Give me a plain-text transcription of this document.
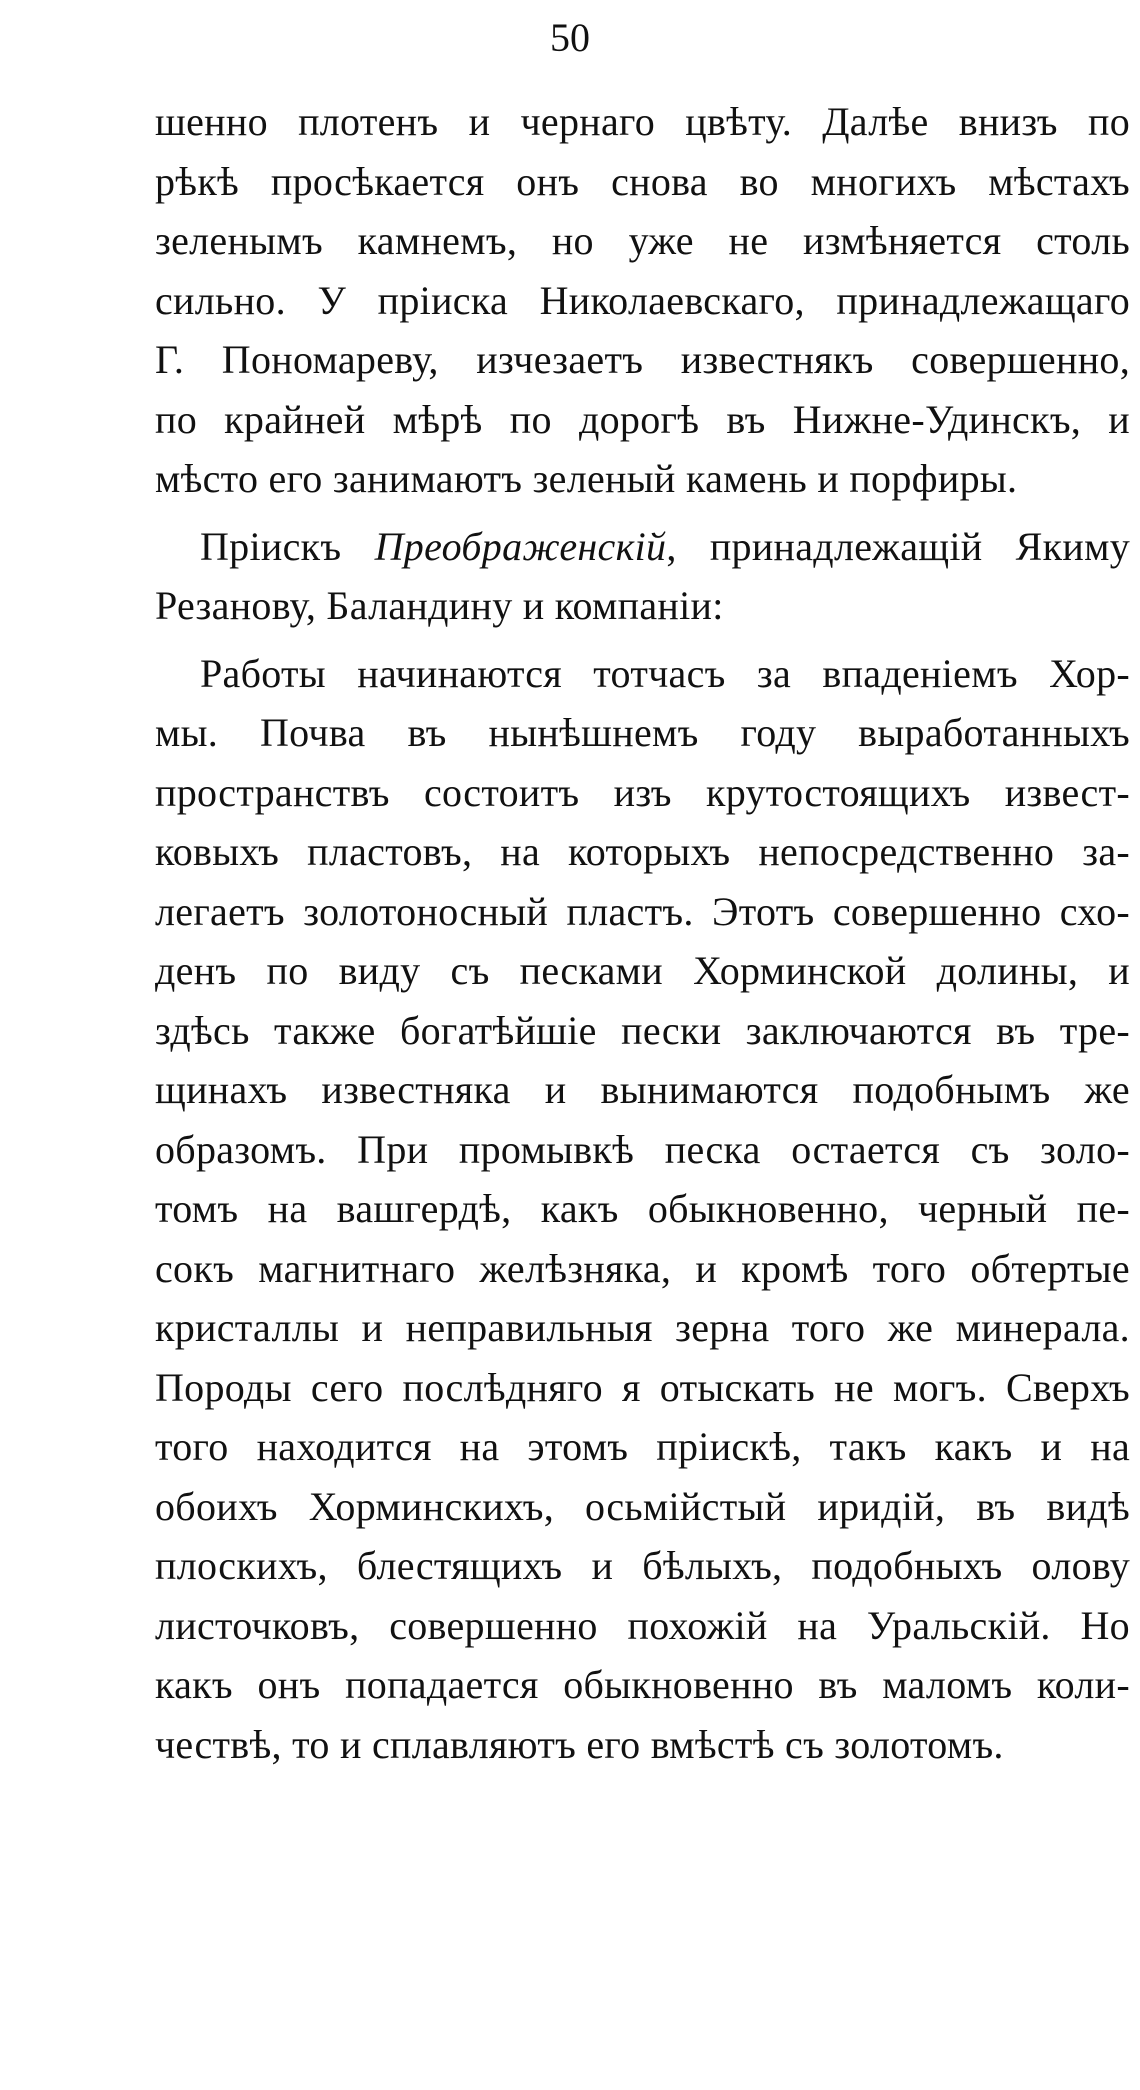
50
шенно плотенъ и чернаго цвѣту. Далѣе внизъ по
рѣкѣ просѣкается онъ снова во многихъ мѣстахъ
зеленымъ камнемъ, но уже не измѣняется столь
сильно. У пріиска Николаевскаго, принадлежащаго
Г. Пономареву, изчезаетъ известнякъ совершенно,
по крайней мѣрѣ по дорогѣ въ Нижне-Удинскъ, и
мѣсто его занимаютъ зеленый камень и порфиры.
Пріискъ Преображенскій, принадлежащій Якиму
Резанову, Баландину и компаніи:
Работы начинаются тотчасъ за впаденіемъ Хор-
мы. Почва въ нынѣшнемъ году выработанныхъ
пространствъ состоитъ изъ крутостоящихъ извест-
ковыхъ пластовъ, на которыхъ непосредственно за-
легаетъ золотоносный пластъ. Этотъ совершенно схо-
денъ по виду съ песками Хорминской долины, и
здѣсь также богатѣйшіе пески заключаются въ тре-
щинахъ известняка и вынимаются подобнымъ же
образомъ. При промывкѣ песка остается съ золо-
томъ на вашгердѣ, какъ обыкновенно, черный пе-
сокъ магнитнаго желѣзняка, и кромѣ того обтертые
кристаллы и неправильныя зерна того же минерала.
Породы сего послѣдняго я отыскать не могъ. Сверхъ
того находится на этомъ пріискѣ, такъ какъ и на
обоихъ Хорминскихъ, осьмійстый иридій, въ видѣ
плоскихъ, блестящихъ и бѣлыхъ, подобныхъ олову
листочковъ, совершенно похожій на Уральскій. Но
какъ онъ попадается обыкновенно въ маломъ коли-
чествѣ, то и сплавляютъ его вмѣстѣ съ золотомъ.
